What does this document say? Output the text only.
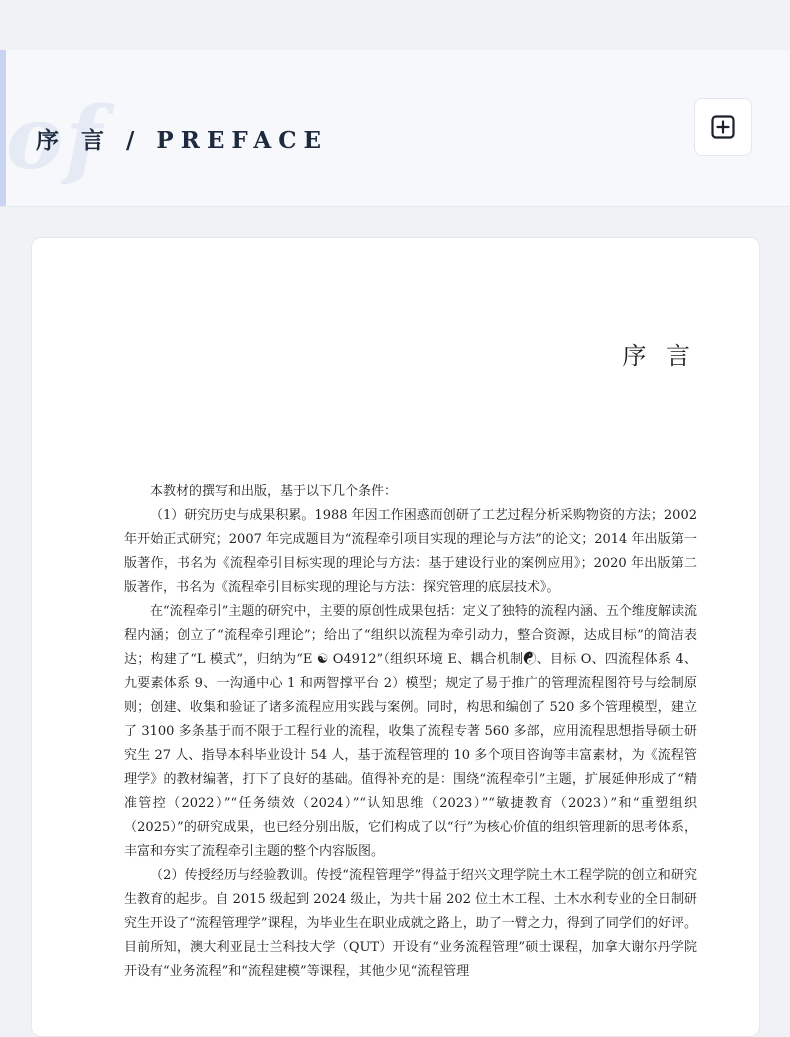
of
序 言 / PREFACE
序 言

本教材的撰写和出版，基于以下几个条件：

（1）研究历史与成果积累。1988 年因工作困惑而创研了工艺过程分析采购物资的方法；2002 年开始正式研究；2007 年完成题目为“流程牵引项目实现的理论与方法”的论文；2014 年出版第一版著作，书名为《流程牵引目标实现的理论与方法：基于建设行业的案例应用》；2020 年出版第二版著作，书名为《流程牵引目标实现的理论与方法：探究管理的底层技术》。

在“流程牵引”主题的研究中，主要的原创性成果包括：定义了独特的流程内涵、五个维度解读流程内涵；创立了“流程牵引理论”；给出了“组织以流程为牵引动力，整合资源，达成目标”的简洁表达；构建了“L 模式”，归纳为“E ☯ O4912”（组织环境 E、耦合机制☯、目标 O、四流程体系 4、九要素体系 9、一沟通中心 1 和两智撑平台 2）模型；规定了易于推广的管理流程图符号与绘制原则；创建、收集和验证了诸多流程应用实践与案例。同时，构思和编创了 520 多个管理模型，建立了 3100 多条基于而不限于工程行业的流程，收集了流程专著 560 多部，应用流程思想指导硕士研究生 27 人、指导本科毕业设计 54 人，基于流程管理的 10 多个项目咨询等丰富素材，为《流程管理学》的教材编著，打下了良好的基础。值得补充的是：围绕“流程牵引”主题，扩展延伸形成了“精准管控（2022）”“任务绩效（2024）”“认知思维（2023）”“敏捷教育（2023）”和“重塑组织（2025）”的研究成果，也已经分别出版，它们构成了以“行”为核心价值的组织管理新的思考体系，丰富和夯实了流程牵引主题的整个内容版图。

（2）传授经历与经验教训。传授“流程管理学”得益于绍兴文理学院土木工程学院的创立和研究生教育的起步。自 2015 级起到 2024 级止，为共十届 202 位土木工程、土木水利专业的全日制研究生开设了“流程管理学”课程，为毕业生在职业成就之路上，助了一臂之力，得到了同学们的好评。目前所知，澳大利亚昆士兰科技大学（QUT）开设有“业务流程管理”硕士课程，加拿大谢尔丹学院开设有“业务流程”和“流程建模”等课程，其他少见“流程管理
